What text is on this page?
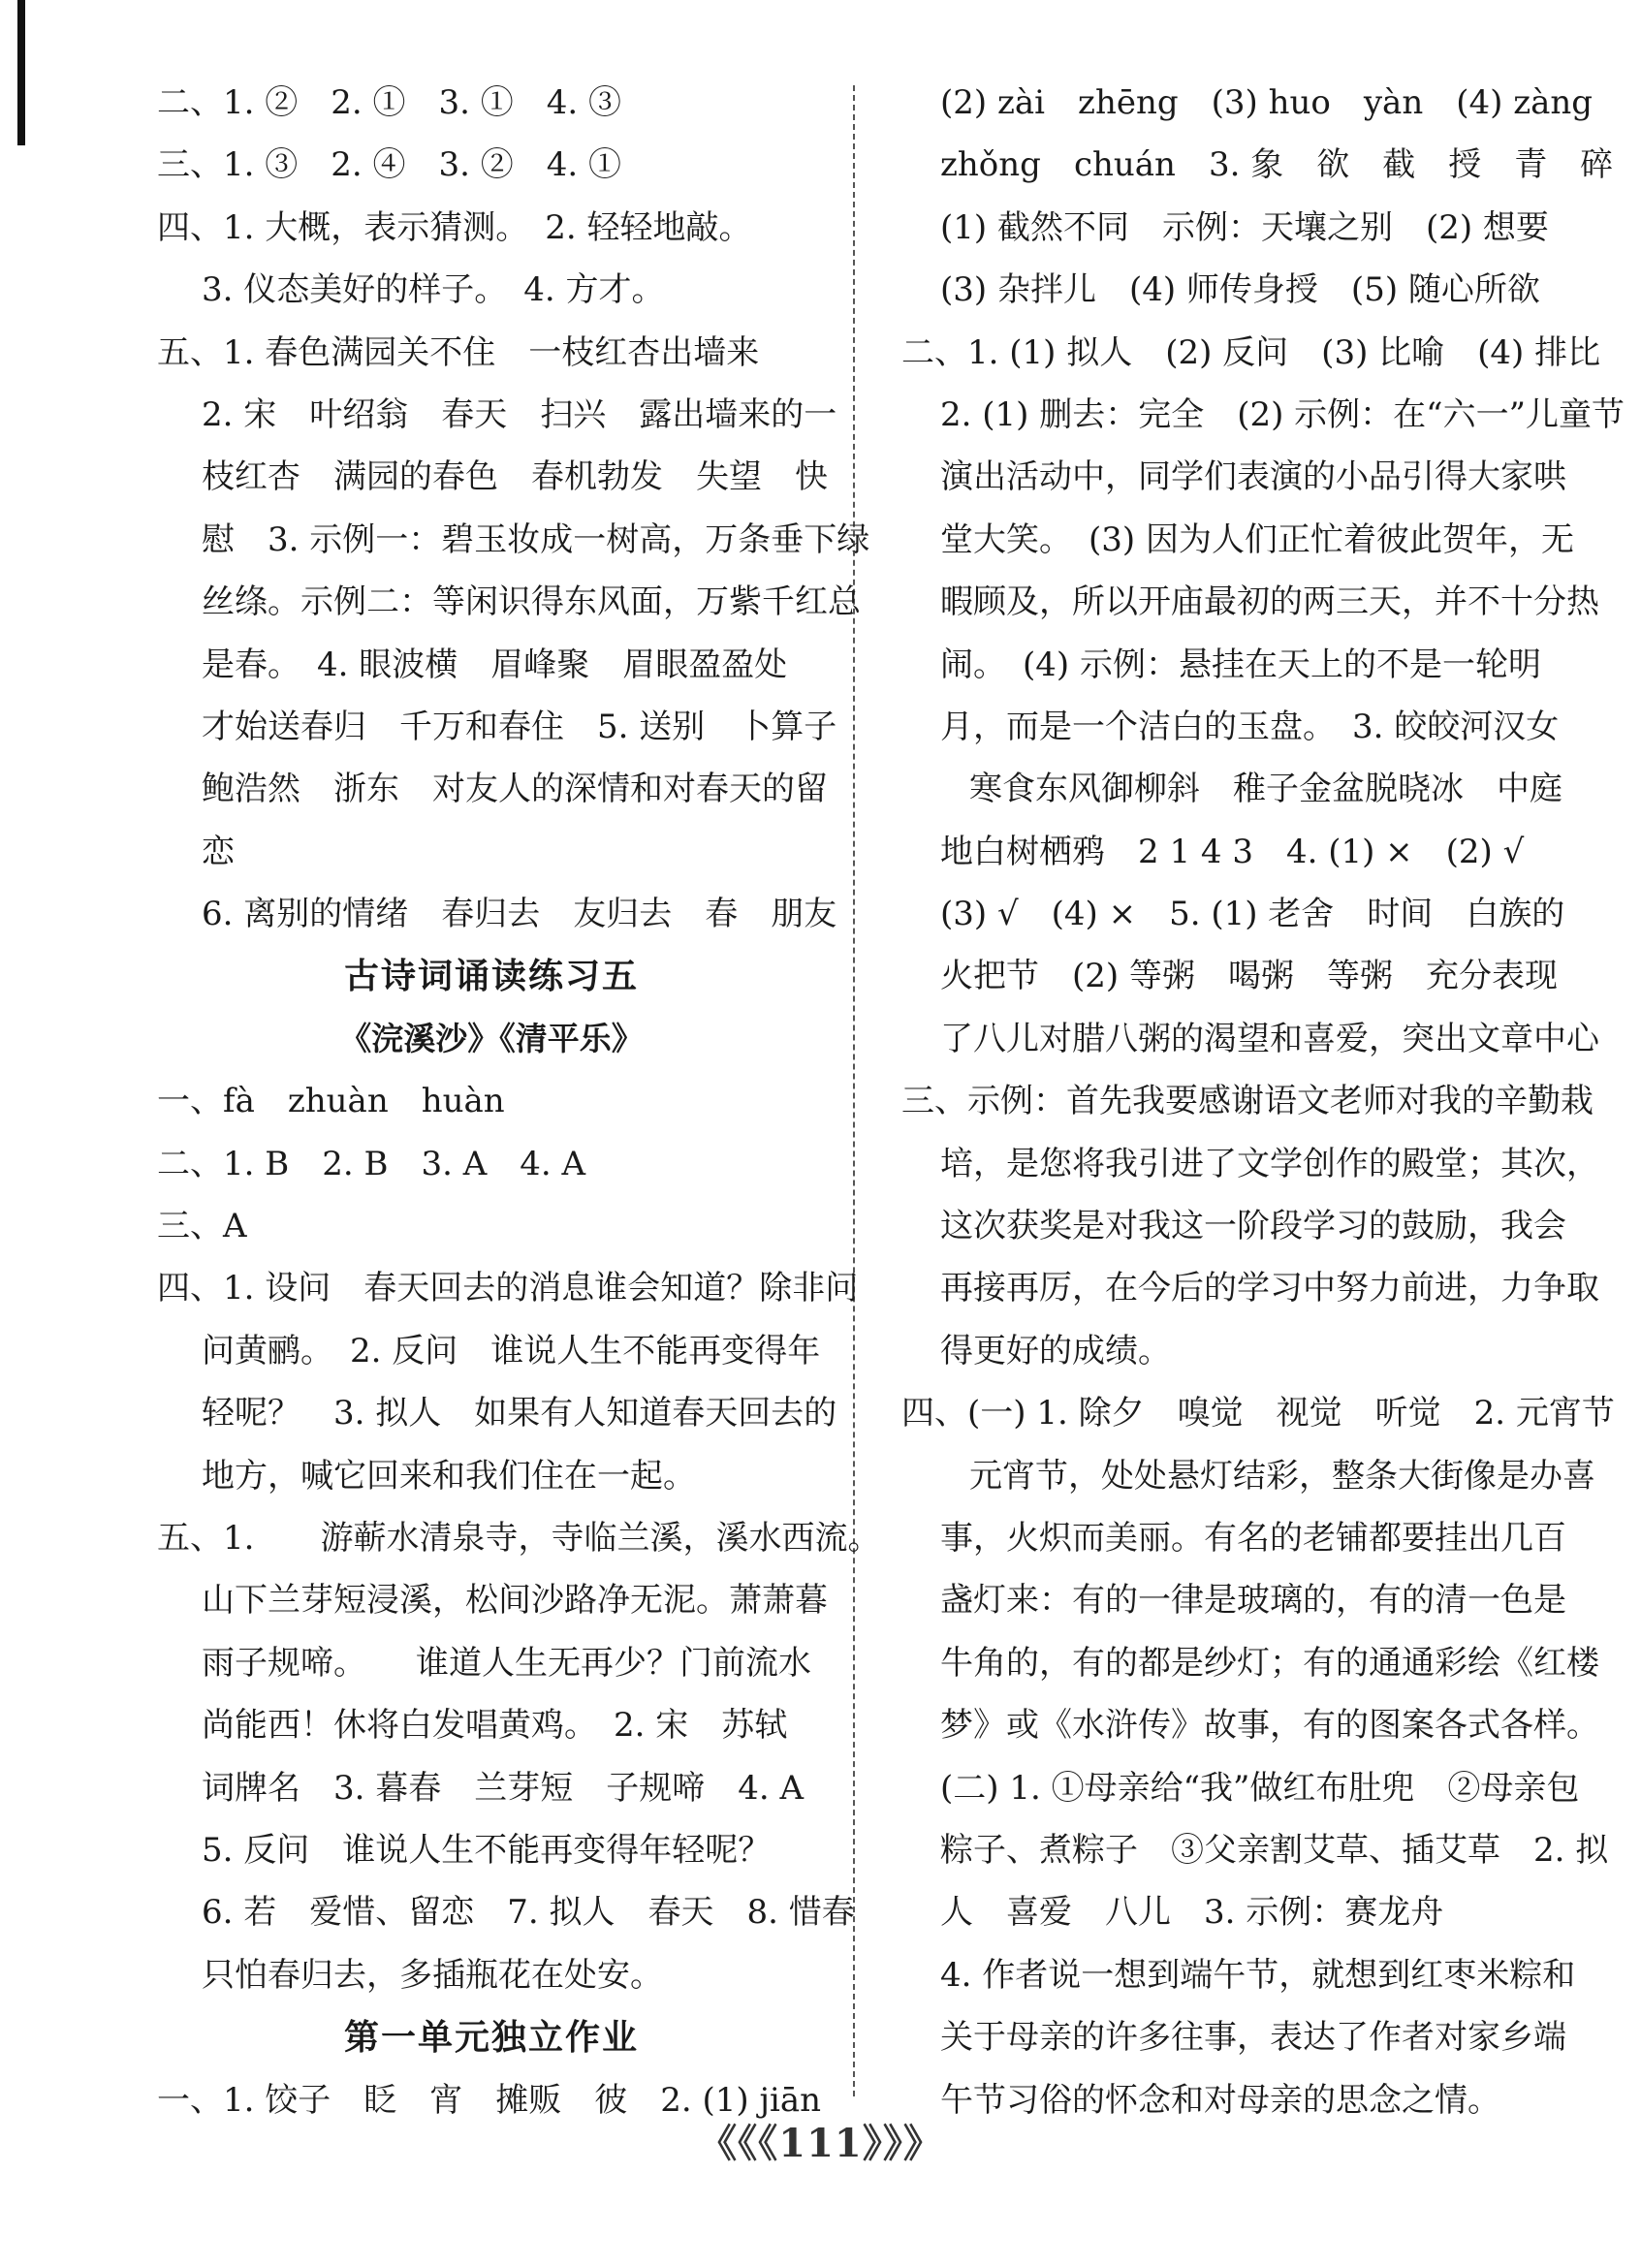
二、1. ②　2. ①　3. ①　4. ③
三、1. ③　2. ④　3. ②　4. ①
四、1. 大概，表示猜测。　2. 轻轻地敲。
3. 仪态美好的样子。　4. 方才。
五、1. 春色满园关不住　一枝红杏出墙来
2. 宋　叶绍翁　春天　扫兴　露出墙来的一
枝红杏　满园的春色　春机勃发　失望　快
慰　3. 示例一：碧玉妆成一树高，万条垂下绿
丝绦。示例二：等闲识得东风面，万紫千红总
是春。　4. 眼波横　眉峰聚　眉眼盈盈处
才始送春归　千万和春住　5. 送别　卜算子
鲍浩然　浙东　对友人的深情和对春天的留
恋
6. 离别的情绪　春归去　友归去　春　朋友
古诗词诵读练习五
《浣溪沙》《清平乐》
一、fà　zhuàn　huàn
二、1. B　2. B　3. A　4. A
三、A
四、1. 设问　春天回去的消息谁会知道？除非问
问黄鹂。　2. 反问　谁说人生不能再变得年
轻呢？　3. 拟人　如果有人知道春天回去的
地方，喊它回来和我们住在一起。
五、1.　　游蕲水清泉寺，寺临兰溪，溪水西流。
山下兰芽短浸溪，松间沙路净无泥。萧萧暮
雨子规啼。　　谁道人生无再少？门前流水
尚能西！休将白发唱黄鸡。　2. 宋　苏轼
词牌名　3. 暮春　兰芽短　子规啼　4. A
5. 反问　谁说人生不能再变得年轻呢？
6. 若　爱惜、留恋　7. 拟人　春天　8. 惜春
只怕春归去，多插瓶花在处安。
第一单元独立作业
一、1. 饺子　眨　宵　摊贩　彼　2. (1) jiān
(2) zài　zhēng　(3) huo　yàn　(4) zàng
zhǒng　chuán　3. 象　欲　截　授　青　碎
(1) 截然不同　示例：天壤之别　(2) 想要
(3) 杂拌儿　(4) 师传身授　(5) 随心所欲
二、1. (1) 拟人　(2) 反问　(3) 比喻　(4) 排比
2. (1) 删去：完全　(2) 示例：在“六一”儿童节
演出活动中，同学们表演的小品引得大家哄
堂大笑。　(3) 因为人们正忙着彼此贺年，无
暇顾及，所以开庙最初的两三天，并不十分热
闹。　(4) 示例：悬挂在天上的不是一轮明
月，而是一个洁白的玉盘。　3. 皎皎河汉女
寒食东风御柳斜　稚子金盆脱晓冰　中庭
地白树栖鸦　2 1 4 3　4. (1) ×　(2) √
(3) √　(4) ×　5. (1) 老舍　时间　白族的
火把节　(2) 等粥　喝粥　等粥　充分表现
了八儿对腊八粥的渴望和喜爱，突出文章中心
三、示例：首先我要感谢语文老师对我的辛勤栽
培，是您将我引进了文学创作的殿堂；其次，
这次获奖是对我这一阶段学习的鼓励，我会
再接再厉，在今后的学习中努力前进，力争取
得更好的成绩。
四、(一) 1. 除夕　嗅觉　视觉　听觉　2. 元宵节
元宵节，处处悬灯结彩，整条大街像是办喜
事，火炽而美丽。有名的老铺都要挂出几百
盏灯来：有的一律是玻璃的，有的清一色是
牛角的，有的都是纱灯；有的通通彩绘《红楼
梦》或《水浒传》故事，有的图案各式各样。
(二) 1. ①母亲给“我”做红布肚兜　②母亲包
粽子、煮粽子　③父亲割艾草、插艾草　2. 拟
人　喜爱　八儿　3. 示例：赛龙舟
4. 作者说一想到端午节，就想到红枣米粽和
关于母亲的许多往事，表达了作者对家乡端
午节习俗的怀念和对母亲的思念之情。
《《《111》》》
